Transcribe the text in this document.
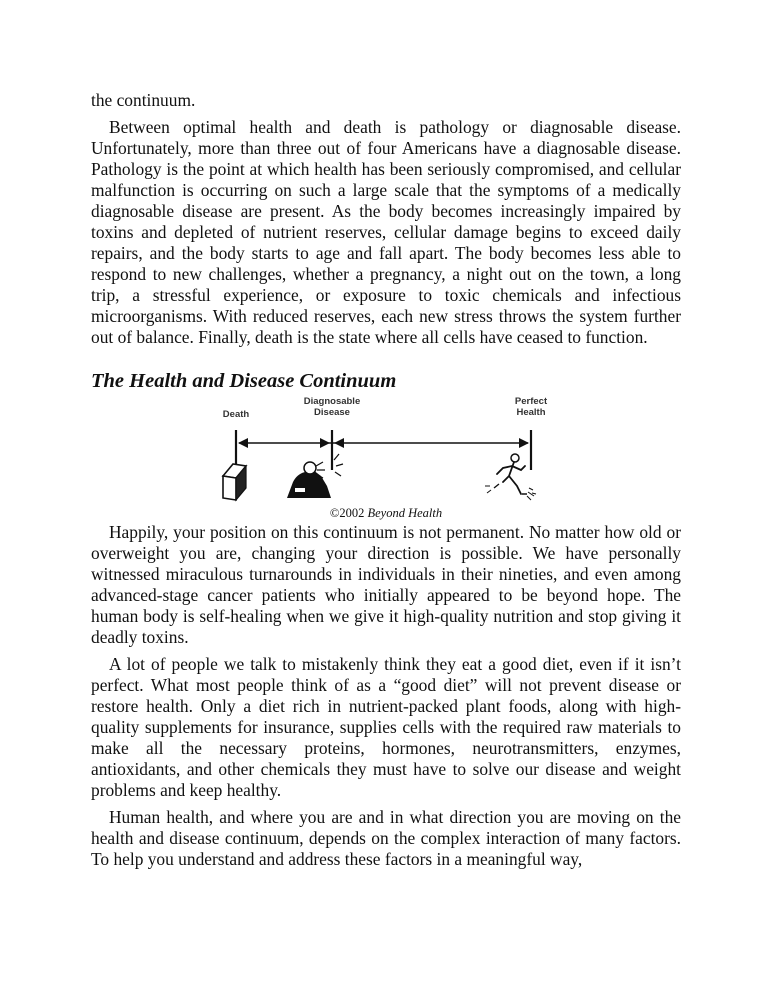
the continuum.

Between optimal health and death is pathology or diagnosable disease. Unfortunately, more than three out of four Americans have a diagnosable disease. Pathology is the point at which health has been seriously compromised, and cellular malfunction is occurring on such a large scale that the symptoms of a medically diagnosable disease are present. As the body becomes increasingly impaired by toxins and depleted of nutrient reserves, cellular damage begins to exceed daily repairs, and the body starts to age and fall apart. The body becomes less able to respond to new challenges, whether a pregnancy, a night out on the town, a long trip, a stressful experience, or exposure to toxic chemicals and infectious microorganisms. With reduced reserves, each new stress throws the system further out of balance. Finally, death is the state where all cells have ceased to function.

The Health and Disease Continuum
Death
Diagnosable
Disease
Perfect
Health
©2002 Beyond Health

Happily, your position on this continuum is not permanent. No matter how old or overweight you are, changing your direction is possible. We have personally witnessed miraculous turnarounds in individuals in their nineties, and even among advanced-stage cancer patients who initially appeared to be beyond hope. The human body is self-healing when we give it high-quality nutrition and stop giving it deadly toxins.

A lot of people we talk to mistakenly think they eat a good diet, even if it isn’t perfect. What most people think of as a “good diet” will not prevent disease or restore health. Only a diet rich in nutrient-packed plant foods, along with high-quality supplements for insurance, supplies cells with the required raw materials to make all the necessary proteins, hormones, neurotransmitters, enzymes, antioxidants, and other chemicals they must have to solve our disease and weight problems and keep healthy.

Human health, and where you are and in what direction you are moving on the health and disease continuum, depends on the complex interaction of many factors. To help you understand and address these factors in a meaningful way,
